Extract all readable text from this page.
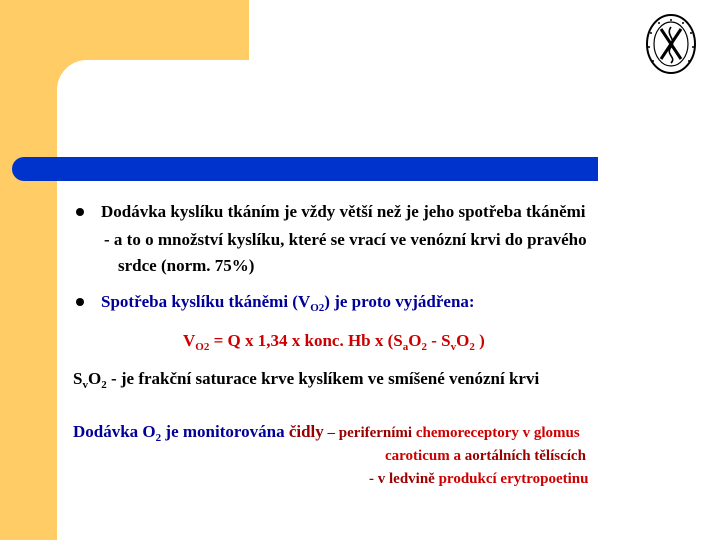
Dodávka kyslíku tkáním je vždy větší než je jeho spotřeba tkáněmi
- a to o množství kyslíku, které se vrací ve venózní krvi do pravého
srdce (norm. 75%)
Spotřeba kyslíku tkáněmi $(V_{O2})$ je proto vyjádřena:
$V_{O2} = Q$ x 1,34 x konc. Hb x ($S_aO_2 - S_vO_2$ )
$S_vO_2$ - je frakční saturace krve kyslíkem ve smíšené venózní krvi
Dodávka $O_2$ je monitorována čidly – periferními chemoreceptory v glomus
caroticum a aortálních tělíscích
- v ledvině produkcí erytropoetinu
